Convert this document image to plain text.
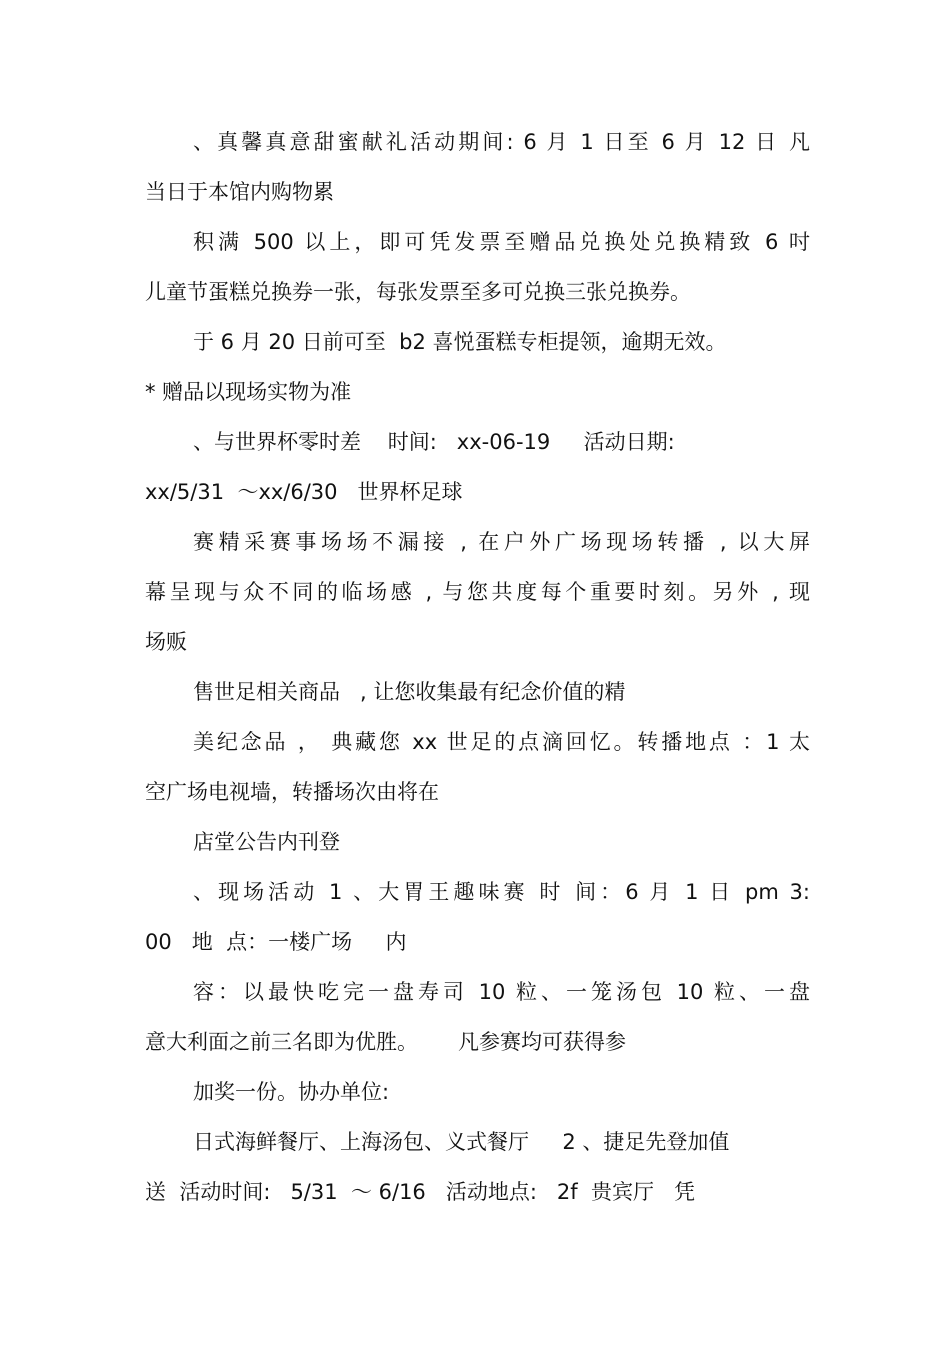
、真馨真意甜蜜献礼活动期间: 6 月 1 日至 6 月 12 日 凡
当日于本馆内购物累
积满 500 以上，即可凭发票至赠品兑换处兑换精致 6 吋
儿童节蛋糕兑换券一张，每张发票至多可兑换三张兑换券。
于 6 月 20 日前可至  b2 喜悦蛋糕专柜提领，逾期无效。
* 赠品以现场实物为准
、与世界杯零时差    时间:   xx-06-19     活动日期:
xx/5/31  ～xx/6/30   世界杯足球
赛精采赛事场场不漏接 , 在户外广场现场转播 , 以大屏
幕呈现与众不同的临场感 , 与您共度每个重要时刻。另外 , 现
场贩
售世足相关商品   , 让您收集最有纪念价值的精
美纪念品 ， 典藏您 xx 世足的点滴回忆。转播地点 ：1 太
空广场电视墙，转播场次由将在
店堂公告内刊登
、现场活动 1 、大胃王趣味赛 时 间：6 月 1 日 pm 3:
00   地  点：一楼广场     内
容：以最快吃完一盘寿司 10 粒、一笼汤包 10 粒、一盘
意大利面之前三名即为优胜。      凡参赛均可获得参
加奖一份。协办单位:
日式海鲜餐厅、上海汤包、义式餐厅     2 、捷足先登加值
送  活动时间:   5/31  ～ 6/16   活动地点:   2f  贵宾厅   凭
